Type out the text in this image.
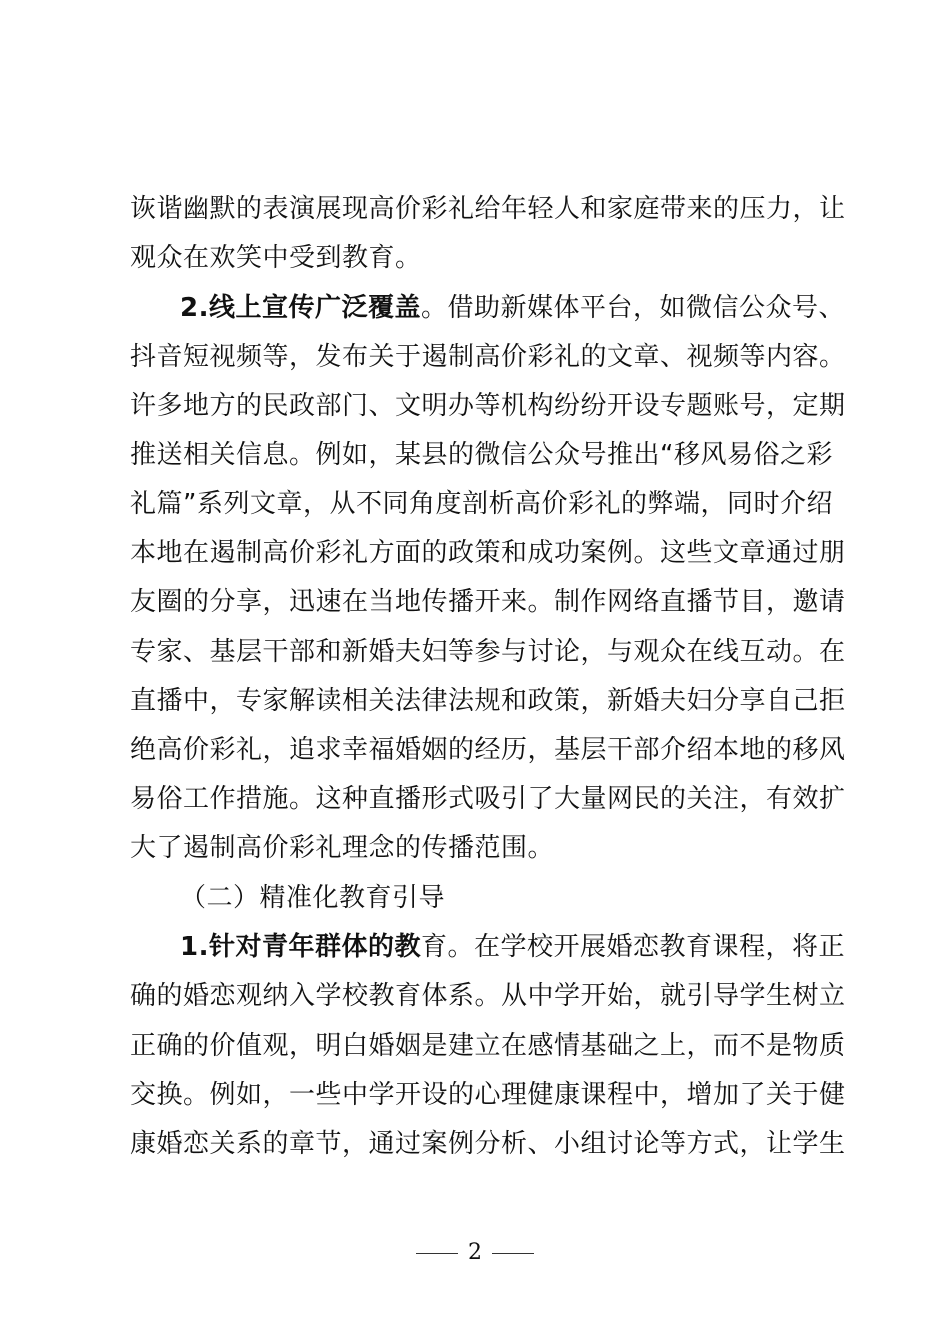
诙谐幽默的表演展现高价彩礼给年轻人和家庭带来的压力，让
观众在欢笑中受到教育。
2.线上宣传广泛覆盖。借助新媒体平台，如微信公众号、
抖音短视频等，发布关于遏制高价彩礼的文章、视频等内容。
许多地方的民政部门、文明办等机构纷纷开设专题账号，定期
推送相关信息。例如，某县的微信公众号推出“移风易俗之彩
礼篇”系列文章，从不同角度剖析高价彩礼的弊端，同时介绍
本地在遏制高价彩礼方面的政策和成功案例。这些文章通过朋
友圈的分享，迅速在当地传播开来。制作网络直播节目，邀请
专家、基层干部和新婚夫妇等参与讨论，与观众在线互动。在
直播中，专家解读相关法律法规和政策，新婚夫妇分享自己拒
绝高价彩礼，追求幸福婚姻的经历，基层干部介绍本地的移风
易俗工作措施。这种直播形式吸引了大量网民的关注，有效扩
大了遏制高价彩礼理念的传播范围。
（二）精准化教育引导
1.针对青年群体的教育。在学校开展婚恋教育课程，将正
确的婚恋观纳入学校教育体系。从中学开始，就引导学生树立
正确的价值观，明白婚姻是建立在感情基础之上，而不是物质
交换。例如，一些中学开设的心理健康课程中，增加了关于健
康婚恋关系的章节，通过案例分析、小组讨论等方式，让学生
2
